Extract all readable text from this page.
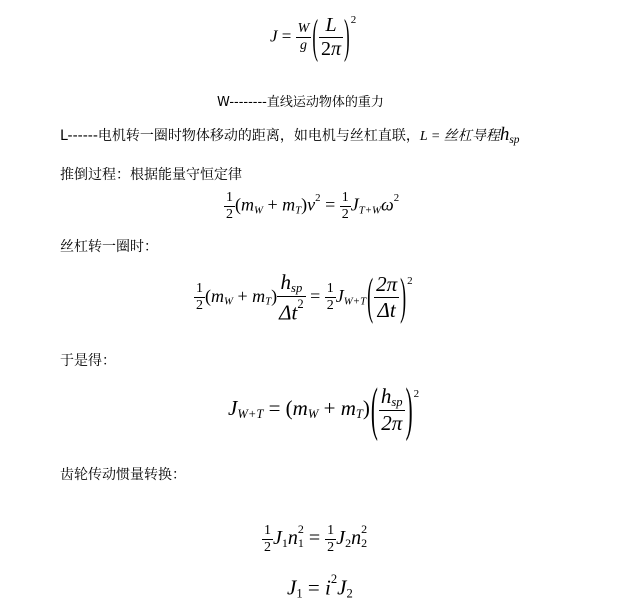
$J = \frac{W}{g}$ ( $\frac{L}{2\pi} )^2$
W--------直线运动物体的重力
L------电机转一圈时物体移动的距离，如电机与丝杠直联，L = 丝杠导程$h_{sp}$
推倒过程：根据能量守恒定律
$\frac{1}{2} (m_W + m_T)v^2 = \frac{1}{2} J_{T+W}\omega^2$
丝杠转一圈时：
$\frac{1}{2} (m_W + m_T) \frac{h_{sp}}{\Delta t^2} = \frac{1}{2} J_{W+T}( \frac{2\pi}{\Delta t} )^2$
于是得：
$J_{W+T} = (m_W + m_T)( \frac{h_{sp}}{2\pi} )^2$
齿轮传动惯量转换：
$\frac{1}{2} J_1n_1^2 = \frac{1}{2} J_2n_2^2$
$J_1 = i^2J_2$
